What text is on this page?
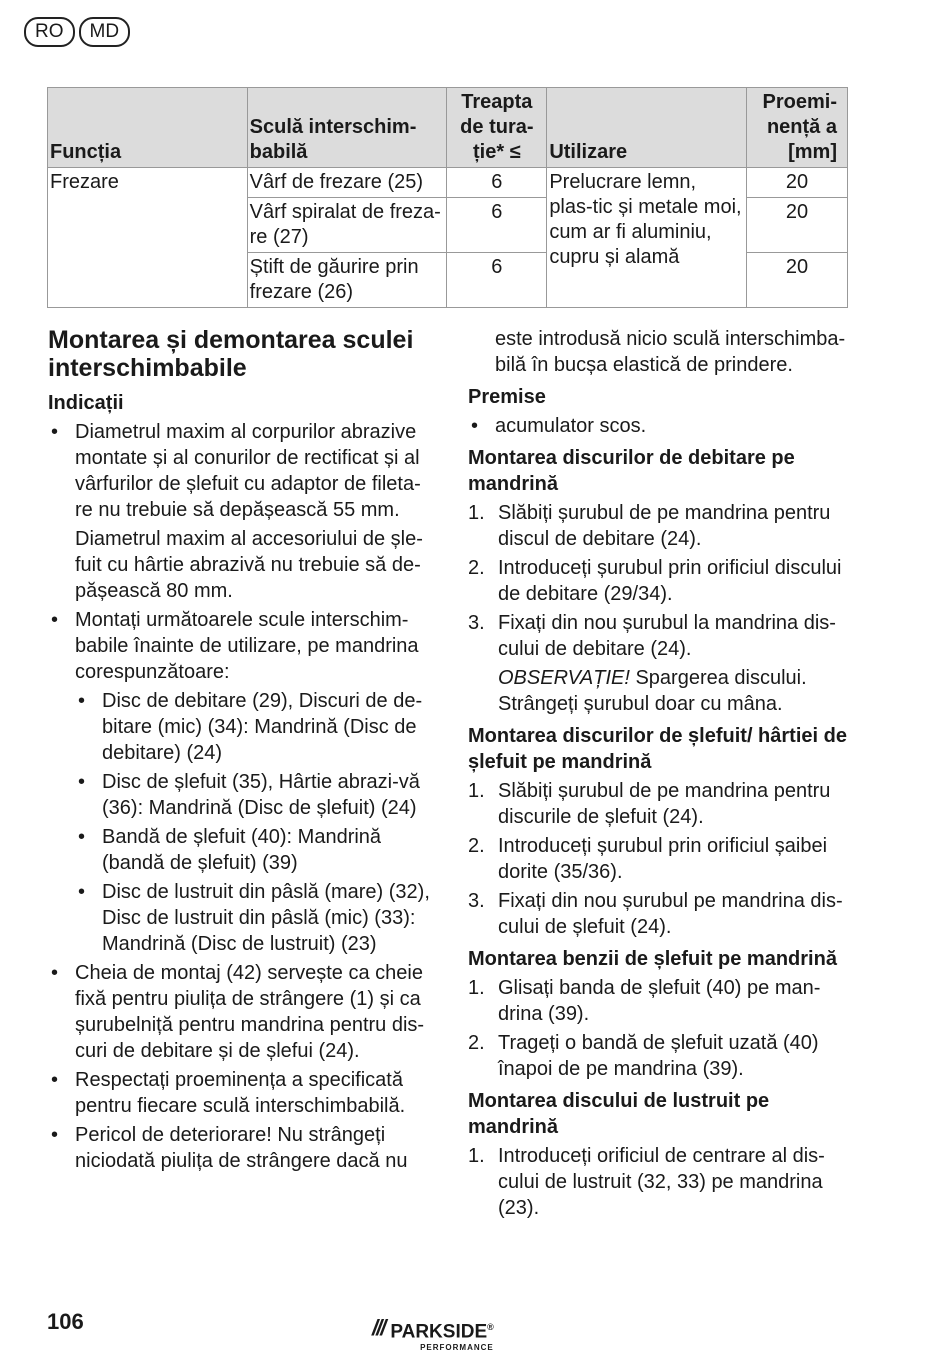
RO	MD
Funcția	Sculă interschim-babilă	Treapta de tura-ție* ≤	Utilizare	Proemi-nență a [mm]
Frezare	Vârf de frezare (25)	6	Prelucrare lemn, plas-tic și metale moi, cum ar fi aluminiu, cupru și alamă	20
	Vârf spiralat de freza-re (27)	6		20
	Știft de găurire prin frezare (26)	6		20
Montarea și demontarea sculei interschimbabile
Indicații
• Diametrul maxim al corpurilor abrazive montate și al conurilor de rectificat și al vârfurilor de șlefuit cu adaptor de fileta-re nu trebuie să depășească 55 mm.
Diametrul maxim al accesoriului de șle-fuit cu hârtie abrazivă nu trebuie să de-pășească 80 mm.
• Montați următoarele scule interschim-babile înainte de utilizare, pe mandrina corespunzătoare:
• Disc de debitare (29), Discuri de de-bitare (mic) (34): Mandrină (Disc de debitare) (24)
• Disc de șlefuit (35), Hârtie abrazi-vă (36): Mandrină (Disc de șlefuit) (24)
• Bandă de șlefuit (40): Mandrină (bandă de șlefuit) (39)
• Disc de lustruit din pâslă (mare) (32), Disc de lustruit din pâslă (mic) (33): Mandrină (Disc de lustruit) (23)
• Cheia de montaj (42) servește ca cheie fixă pentru piulița de strângere (1) și ca șurubelniță pentru mandrina pentru dis-curi de debitare și de șlefui (24).
• Respectați proeminența a specificată pentru fiecare sculă interschimbabilă.
• Pericol de deteriorare! Nu strângeți niciodată piulița de strângere dacă nu

este introdusă nicio sculă interschimba-bilă în bucșa elastică de prindere.

Premise
• acumulator scos.
Montarea discurilor de debitare pe mandrină
1. Slăbiți șurubul de pe mandrina pentru discul de debitare (24).
2. Introduceți șurubul prin orificiul discului de debitare (29/34).
3. Fixați din nou șurubul la mandrina dis-cului de debitare (24).
OBSERVAȚIE! Spargerea discului. Strângeți șurubul doar cu mâna.
Montarea discurilor de șlefuit/ hârtiei de șlefuit pe mandrină
1. Slăbiți șurubul de pe mandrina pentru discurile de șlefuit (24).
2. Introduceți șurubul prin orificiul șaibei dorite (35/36).
3. Fixați din nou șurubul pe mandrina dis-cului de șlefuit (24).
Montarea benzii de șlefuit pe mandrină
1. Glisați banda de șlefuit (40) pe man-drina (39).
2. Trageți o bandă de șlefuit uzată (40) înapoi de pe mandrina (39).
Montarea discului de lustruit pe mandrină
1. Introduceți orificiul de centrare al dis-cului de lustruit (32, 33) pe mandrina (23).
106	/// PARKSIDE®
PERFORMANCE
